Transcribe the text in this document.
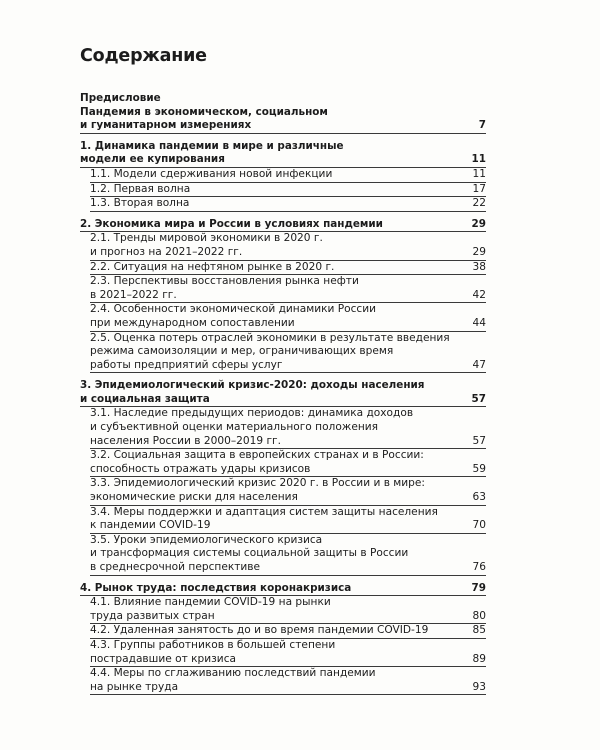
Содержание
Предисловие
Пандемия в экономическом, социальном
и гуманитарном измерениях	7
1. Динамика пандемии в мире и различные
модели ее купирования	11
1.1. Модели сдерживания новой инфекции	11
1.2. Первая волна	17
1.3. Вторая волна	22
2. Экономика мира и России в условиях пандемии	29
2.1. Тренды мировой экономики в 2020 г.
и прогноз на 2021–2022 гг.	29
2.2. Ситуация на нефтяном рынке в 2020 г.	38
2.3. Перспективы восстановления рынка нефти
в 2021–2022 гг.	42
2.4. Особенности экономической динамики России
при международном сопоставлении	44
2.5. Оценка потерь отраслей экономики в результате введения
режима самоизоляции и мер, ограничивающих время
работы предприятий сферы услуг	47
3. Эпидемиологический кризис-2020: доходы населения
и социальная защита	57
3.1. Наследие предыдущих периодов: динамика доходов
и субъективной оценки материального положения
населения России в 2000–2019 гг.	57
3.2. Социальная защита в европейских странах и в России:
способность отражать удары кризисов	59
3.3. Эпидемиологический кризис 2020 г. в России и в мире:
экономические риски для населения	63
3.4. Меры поддержки и адаптация систем защиты населения
к пандемии COVID-19	70
3.5. Уроки эпидемиологического кризиса
и трансформация системы социальной защиты в России
в среднесрочной перспективе	76
4. Рынок труда: последствия коронакризиса	79
4.1. Влияние пандемии COVID-19 на рынки
труда развитых стран	80
4.2. Удаленная занятость до и во время пандемии COVID-19	85
4.3. Группы работников в большей степени
пострадавшие от кризиса	89
4.4. Меры по сглаживанию последствий пандемии
на рынке труда	93
